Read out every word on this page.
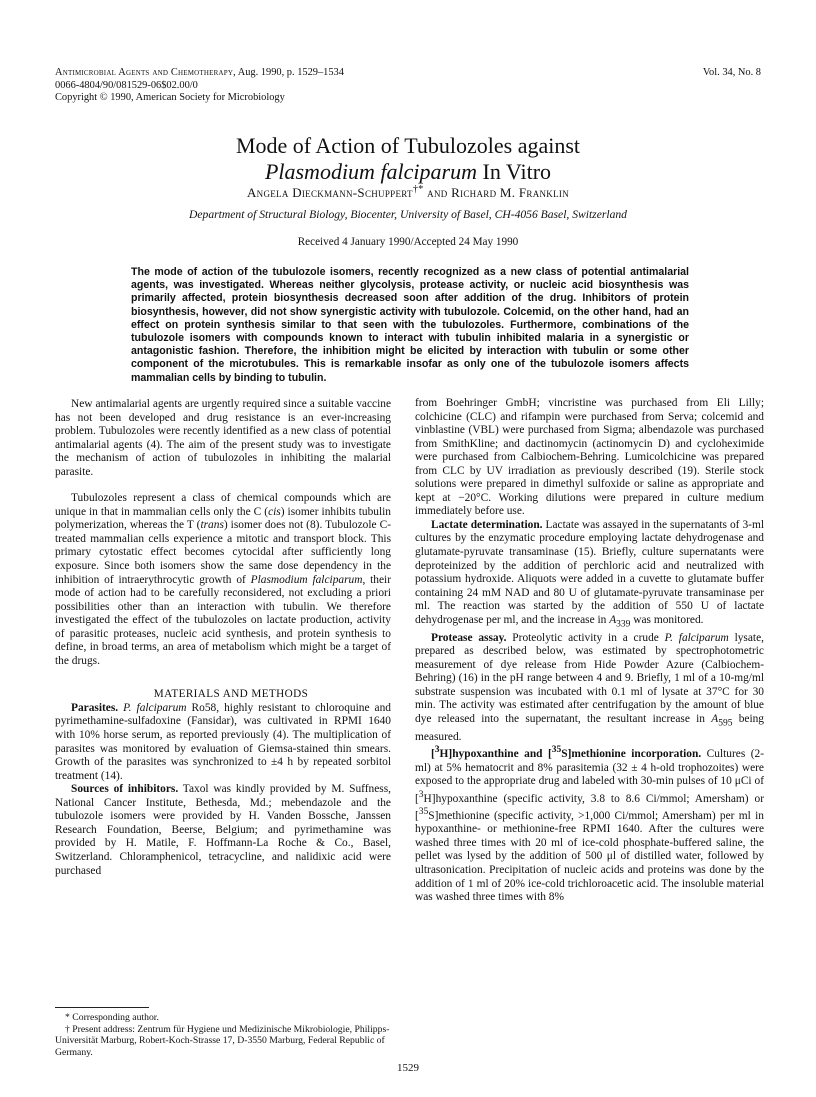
Antimicrobial Agents and Chemotherapy, Aug. 1990, p. 1529–1534
0066-4804/90/081529-06$02.00/0
Copyright © 1990, American Society for Microbiology
Vol. 34, No. 8
Mode of Action of Tubulozoles against
Plasmodium falciparum In Vitro
Angela Dieckmann-Schuppert†* and Richard M. Franklin
Department of Structural Biology, Biocenter, University of Basel, CH-4056 Basel, Switzerland
Received 4 January 1990/Accepted 24 May 1990
The mode of action of the tubulozole isomers, recently recognized as a new class of potential antimalarial agents, was investigated. Whereas neither glycolysis, protease activity, or nucleic acid biosynthesis was primarily affected, protein biosynthesis decreased soon after addition of the drug. Inhibitors of protein biosynthesis, however, did not show synergistic activity with tubulozole. Colcemid, on the other hand, had an effect on protein synthesis similar to that seen with the tubulozoles. Furthermore, combinations of the tubulozole isomers with compounds known to interact with tubulin inhibited malaria in a synergistic or antagonistic fashion. Therefore, the inhibition might be elicited by interaction with tubulin or some other component of the microtubules. This is remarkable insofar as only one of the tubulozole isomers affects mammalian cells by binding to tubulin.

New antimalarial agents are urgently required since a suitable vaccine has not been developed and drug resistance is an ever-increasing problem. Tubulozoles were recently identified as a new class of potential antimalarial agents (4). The aim of the present study was to investigate the mechanism of action of tubulozoles in inhibiting the malarial parasite.

Tubulozoles represent a class of chemical compounds which are unique in that in mammalian cells only the C (cis) isomer inhibits tubulin polymerization, whereas the T (trans) isomer does not (8). Tubulozole C-treated mammalian cells experience a mitotic and transport block. This primary cytostatic effect becomes cytocidal after sufficiently long exposure. Since both isomers show the same dose dependency in the inhibition of intraerythrocytic growth of Plasmodium falciparum, their mode of action had to be carefully reconsidered, not excluding a priori possibilities other than an interaction with tubulin. We therefore investigated the effect of the tubulozoles on lactate production, activity of parasitic proteases, nucleic acid synthesis, and protein synthesis to define, in broad terms, an area of metabolism which might be a target of the drugs.

MATERIALS AND METHODS

Parasites. P. falciparum Ro58, highly resistant to chloroquine and pyrimethamine-sulfadoxine (Fansidar), was cultivated in RPMI 1640 with 10% horse serum, as reported previously (4). The multiplication of parasites was monitored by evaluation of Giemsa-stained thin smears. Growth of the parasites was synchronized to ±4 h by repeated sorbitol treatment (14).

Sources of inhibitors. Taxol was kindly provided by M. Suffness, National Cancer Institute, Bethesda, Md.; mebendazole and the tubulozole isomers were provided by H. Vanden Bossche, Janssen Research Foundation, Beerse, Belgium; and pyrimethamine was provided by H. Matile, F. Hoffmann-La Roche & Co., Basel, Switzerland. Chloramphenicol, tetracycline, and nalidixic acid were purchased

* Corresponding author.

† Present address: Zentrum für Hygiene und Medizinische Mikrobiologie, Philipps-Universität Marburg, Robert-Koch-Strasse 17, D-3550 Marburg, Federal Republic of Germany.

from Boehringer GmbH; vincristine was purchased from Eli Lilly; colchicine (CLC) and rifampin were purchased from Serva; colcemid and vinblastine (VBL) were purchased from Sigma; albendazole was purchased from SmithKline; and dactinomycin (actinomycin D) and cycloheximide were purchased from Calbiochem-Behring. Lumicolchicine was prepared from CLC by UV irradiation as previously described (19). Sterile stock solutions were prepared in dimethyl sulfoxide or saline as appropriate and kept at −20°C. Working dilutions were prepared in culture medium immediately before use.

Lactate determination. Lactate was assayed in the supernatants of 3-ml cultures by the enzymatic procedure employing lactate dehydrogenase and glutamate-pyruvate transaminase (15). Briefly, culture supernatants were deproteinized by the addition of perchloric acid and neutralized with potassium hydroxide. Aliquots were added in a cuvette to glutamate buffer containing 24 mM NAD and 80 U of glutamate-pyruvate transaminase per ml. The reaction was started by the addition of 550 U of lactate dehydrogenase per ml, and the increase in $A_{339}$ was monitored.

Protease assay. Proteolytic activity in a crude P. falciparum lysate, prepared as described below, was estimated by spectrophotometric measurement of dye release from Hide Powder Azure (Calbiochem-Behring) (16) in the pH range between 4 and 9. Briefly, 1 ml of a 10-mg/ml substrate suspension was incubated with 0.1 ml of lysate at 37°C for 30 min. The activity was estimated after centrifugation by the amount of blue dye released into the supernatant, the resultant increase in $A_{595}$ being measured.

[$^3$H]hypoxanthine and [$^{35}$S]methionine incorporation. Cultures (2-ml) at 5% hematocrit and 8% parasitemia (32 ± 4 h-old trophozoites) were exposed to the appropriate drug and labeled with 30-min pulses of 10 μCi of [$^3$H]hypoxanthine (specific activity, 3.8 to 8.6 Ci/mmol; Amersham) or [$^{35}$S]methionine (specific activity, >1,000 Ci/mmol; Amersham) per ml in hypoxanthine- or methionine-free RPMI 1640. After the cultures were washed three times with 20 ml of ice-cold phosphate-buffered saline, the pellet was lysed by the addition of 500 μl of distilled water, followed by ultrasonication. Precipitation of nucleic acids and proteins was done by the addition of 1 ml of 20% ice-cold trichloroacetic acid. The insoluble material was washed three times with 8%

1529
